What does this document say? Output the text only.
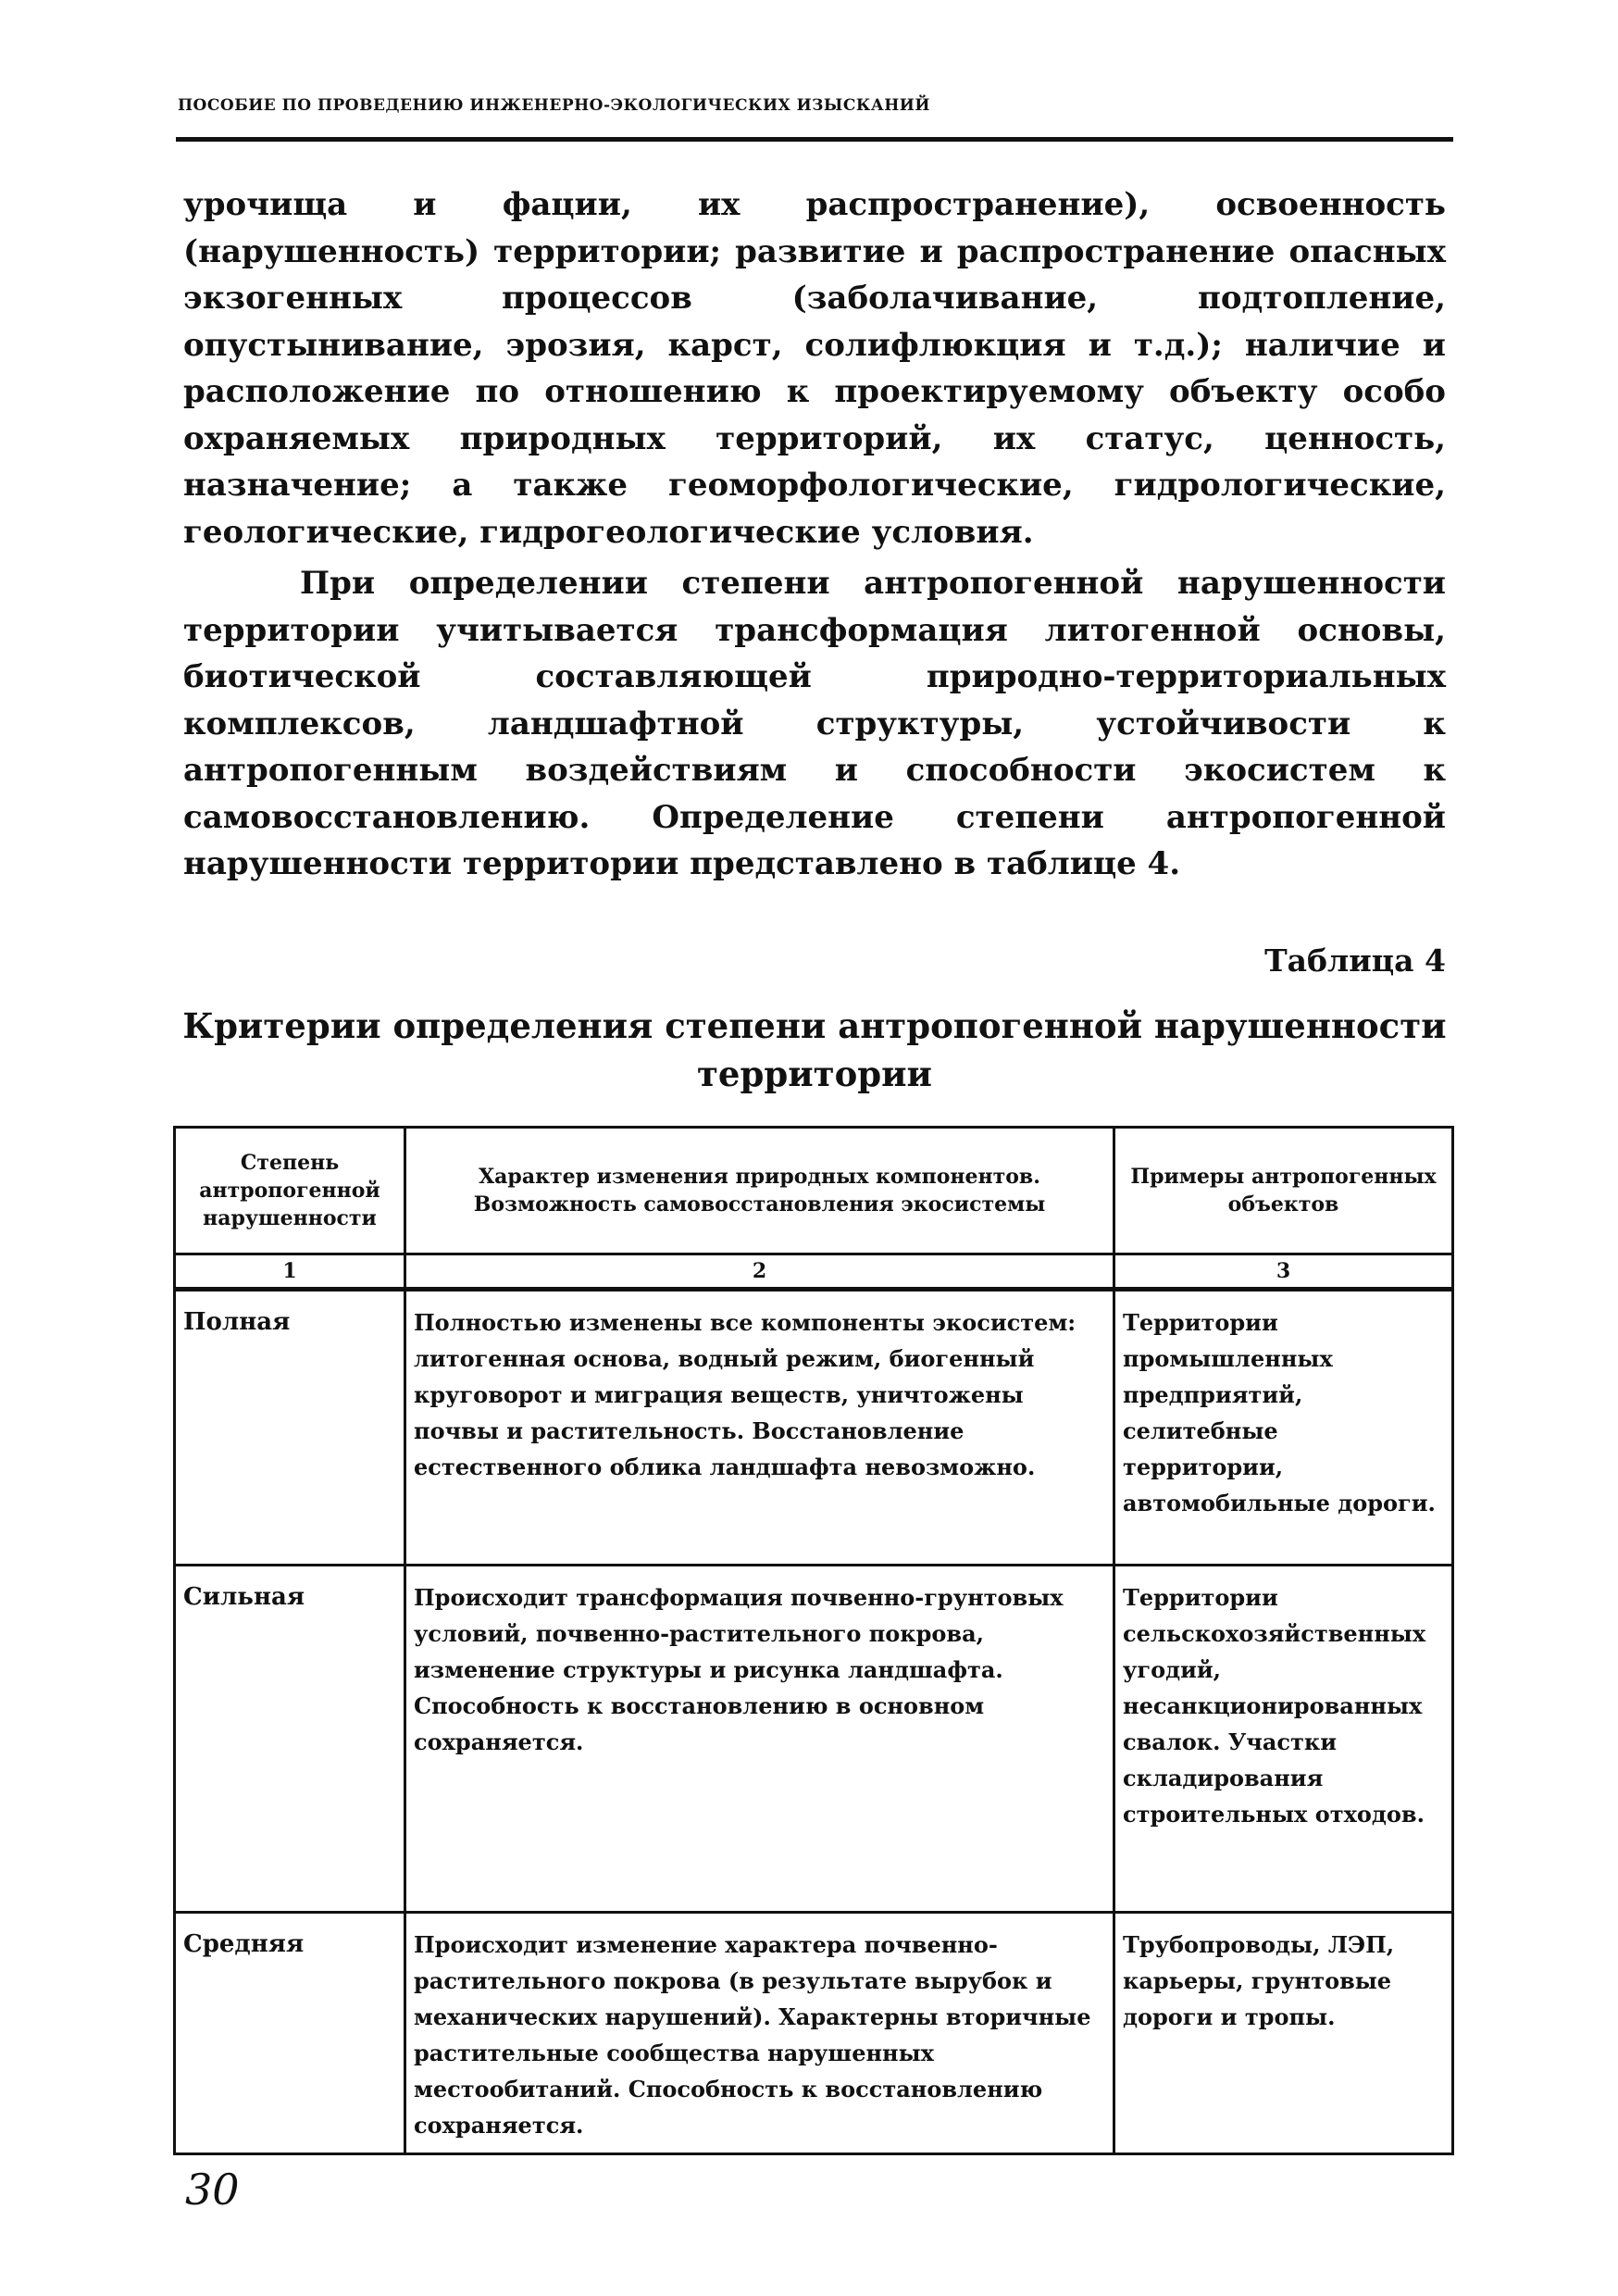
ПОСОБИЕ ПО ПРОВЕДЕНИЮ ИНЖЕНЕРНО-ЭКОЛОГИЧЕСКИХ ИЗЫСКАНИЙ

урочища и фации, их распространение), освоенность (нарушенность) территории; развитие и распространение опасных экзогенных процессов (заболачивание, подтопление, опустынивание, эрозия, карст, солифлюкция и т.д.); наличие и расположение по отношению к проектируемому объекту особо охраняемых природных территорий, их статус, ценность, назначение; а также геоморфологические, гидрологические, геологические, гидрогеологические условия.

При определении степени антропогенной нарушенности территории учитывается трансформация литогенной основы, биотической составляющей природно-территориальных комплексов, ландшафтной структуры, устойчивости к антропогенным воздействиям и способности экосистем к самовосстановлению. Определение степени антропогенной нарушенности территории представлено в таблице 4.

Таблица 4
Критерии определения степени антропогенной нарушенности территории
Степень антропогенной нарушенности	Характер изменения природных компонентов. Возможность самовосстановления экосистемы	Примеры антропогенных объектов
1	2	3
Полная	Полностью изменены все компоненты экосистем: литогенная основа, водный режим, биогенный круговорот и миграция веществ, уничтожены почвы и растительность. Восстановление естественного облика ландшафта невозможно.	Территории промышленных предприятий, селитебные территории, автомобильные дороги.
Сильная	Происходит трансформация почвенно-грунтовых условий, почвенно-растительного покрова, изменение структуры и рисунка ландшафта. Способность к восстановлению в основном сохраняется.	Территории сельскохозяйственных угодий, несанкционированных свалок. Участки складирования строительных отходов.
Средняя	Происходит изменение характера почвенно-растительного покрова (в результате вырубок и механических нарушений). Характерны вторичные растительные сообщества нарушенных местообитаний. Способность к восстановлению сохраняется.	Трубопроводы, ЛЭП, карьеры, грунтовые дороги и тропы.
30
